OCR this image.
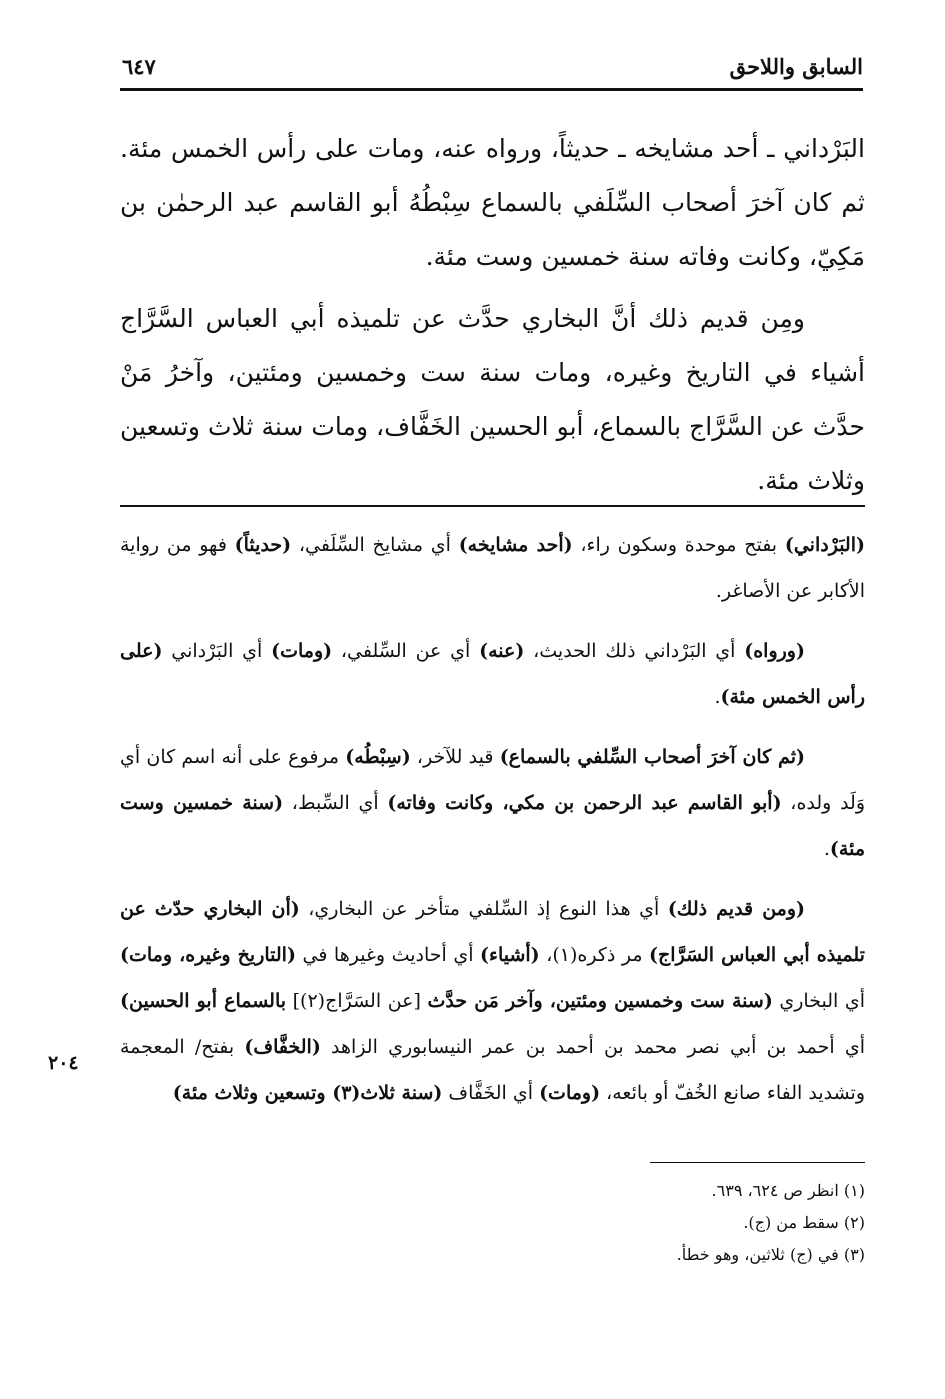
السابق واللاحق
٦٤٧

البَرْداني ـ أحد مشايخه ـ حديثاً، ورواه عنه، ومات على رأس الخمس مئة. ثم كان آخرَ أصحاب السِّلَفي بالسماع سِبْطُهُ أبو القاسم عبد الرحمٰن بن مَكِيّ، وكانت وفاته سنة خمسين وست مئة.

ومِن قديم ذلك أنَّ البخاري حدَّث عن تلميذه أبي العباس السَّرَّاج أشياء في التاريخ وغيره، ومات سنة ست وخمسين ومئتين، وآخرُ مَنْ حدَّث عن السَّرَّاج بالسماع، أبو الحسين الخَفَّاف، ومات سنة ثلاث وتسعين وثلاث مئة.

(البَرْداني) بفتح موحدة وسكون راء، (أحد مشايخه) أي مشايخ السِّلَفي، (حديثاً) فهو من رواية الأكابر عن الأصاغر.

(ورواه) أي البَرْداني ذلك الحديث، (عنه) أي عن السِّلفي، (ومات) أي البَرْداني (على رأس الخمس مئة).

(ثم كان آخرَ أصحاب السِّلفي بالسماع) قيد للآخر، (سِبْطُه) مرفوع على أنه اسم كان أي وَلَد ولده، (أبو القاسم عبد الرحمن بن مكي، وكانت وفاته) أي السِّبط، (سنة خمسين وست مئة).

(ومن قديم ذلك) أي هذا النوع إذ السِّلفي متأخر عن البخاري، (أن البخاري حدّث عن تلميذه أبي العباس السَرَّاج) مر ذكره(١)، (أشياء) أي أحاديث وغيرها في (التاريخ وغيره، ومات) أي البخاري (سنة ست وخمسين ومئتين، وآخر مَن حدَّث [عن السَرَّاج(٢)] بالسماع أبو الحسين) أي أحمد بن أبي نصر محمد بن أحمد بن عمر النيسابوري الزاهد (الخفَّاف) بفتح/ المعجمة وتشديد الفاء صانع الخُفّ أو بائعه، (ومات) أي الخَفَّاف (سنة ثلاث(٣) وتسعين وثلاث مئة)

٢٠٤
(١) انظر ص ٦٢٤، ٦٣٩.
(٢) سقط من (ج).
(٣) في (ج) ثلاثين، وهو خطأ.
